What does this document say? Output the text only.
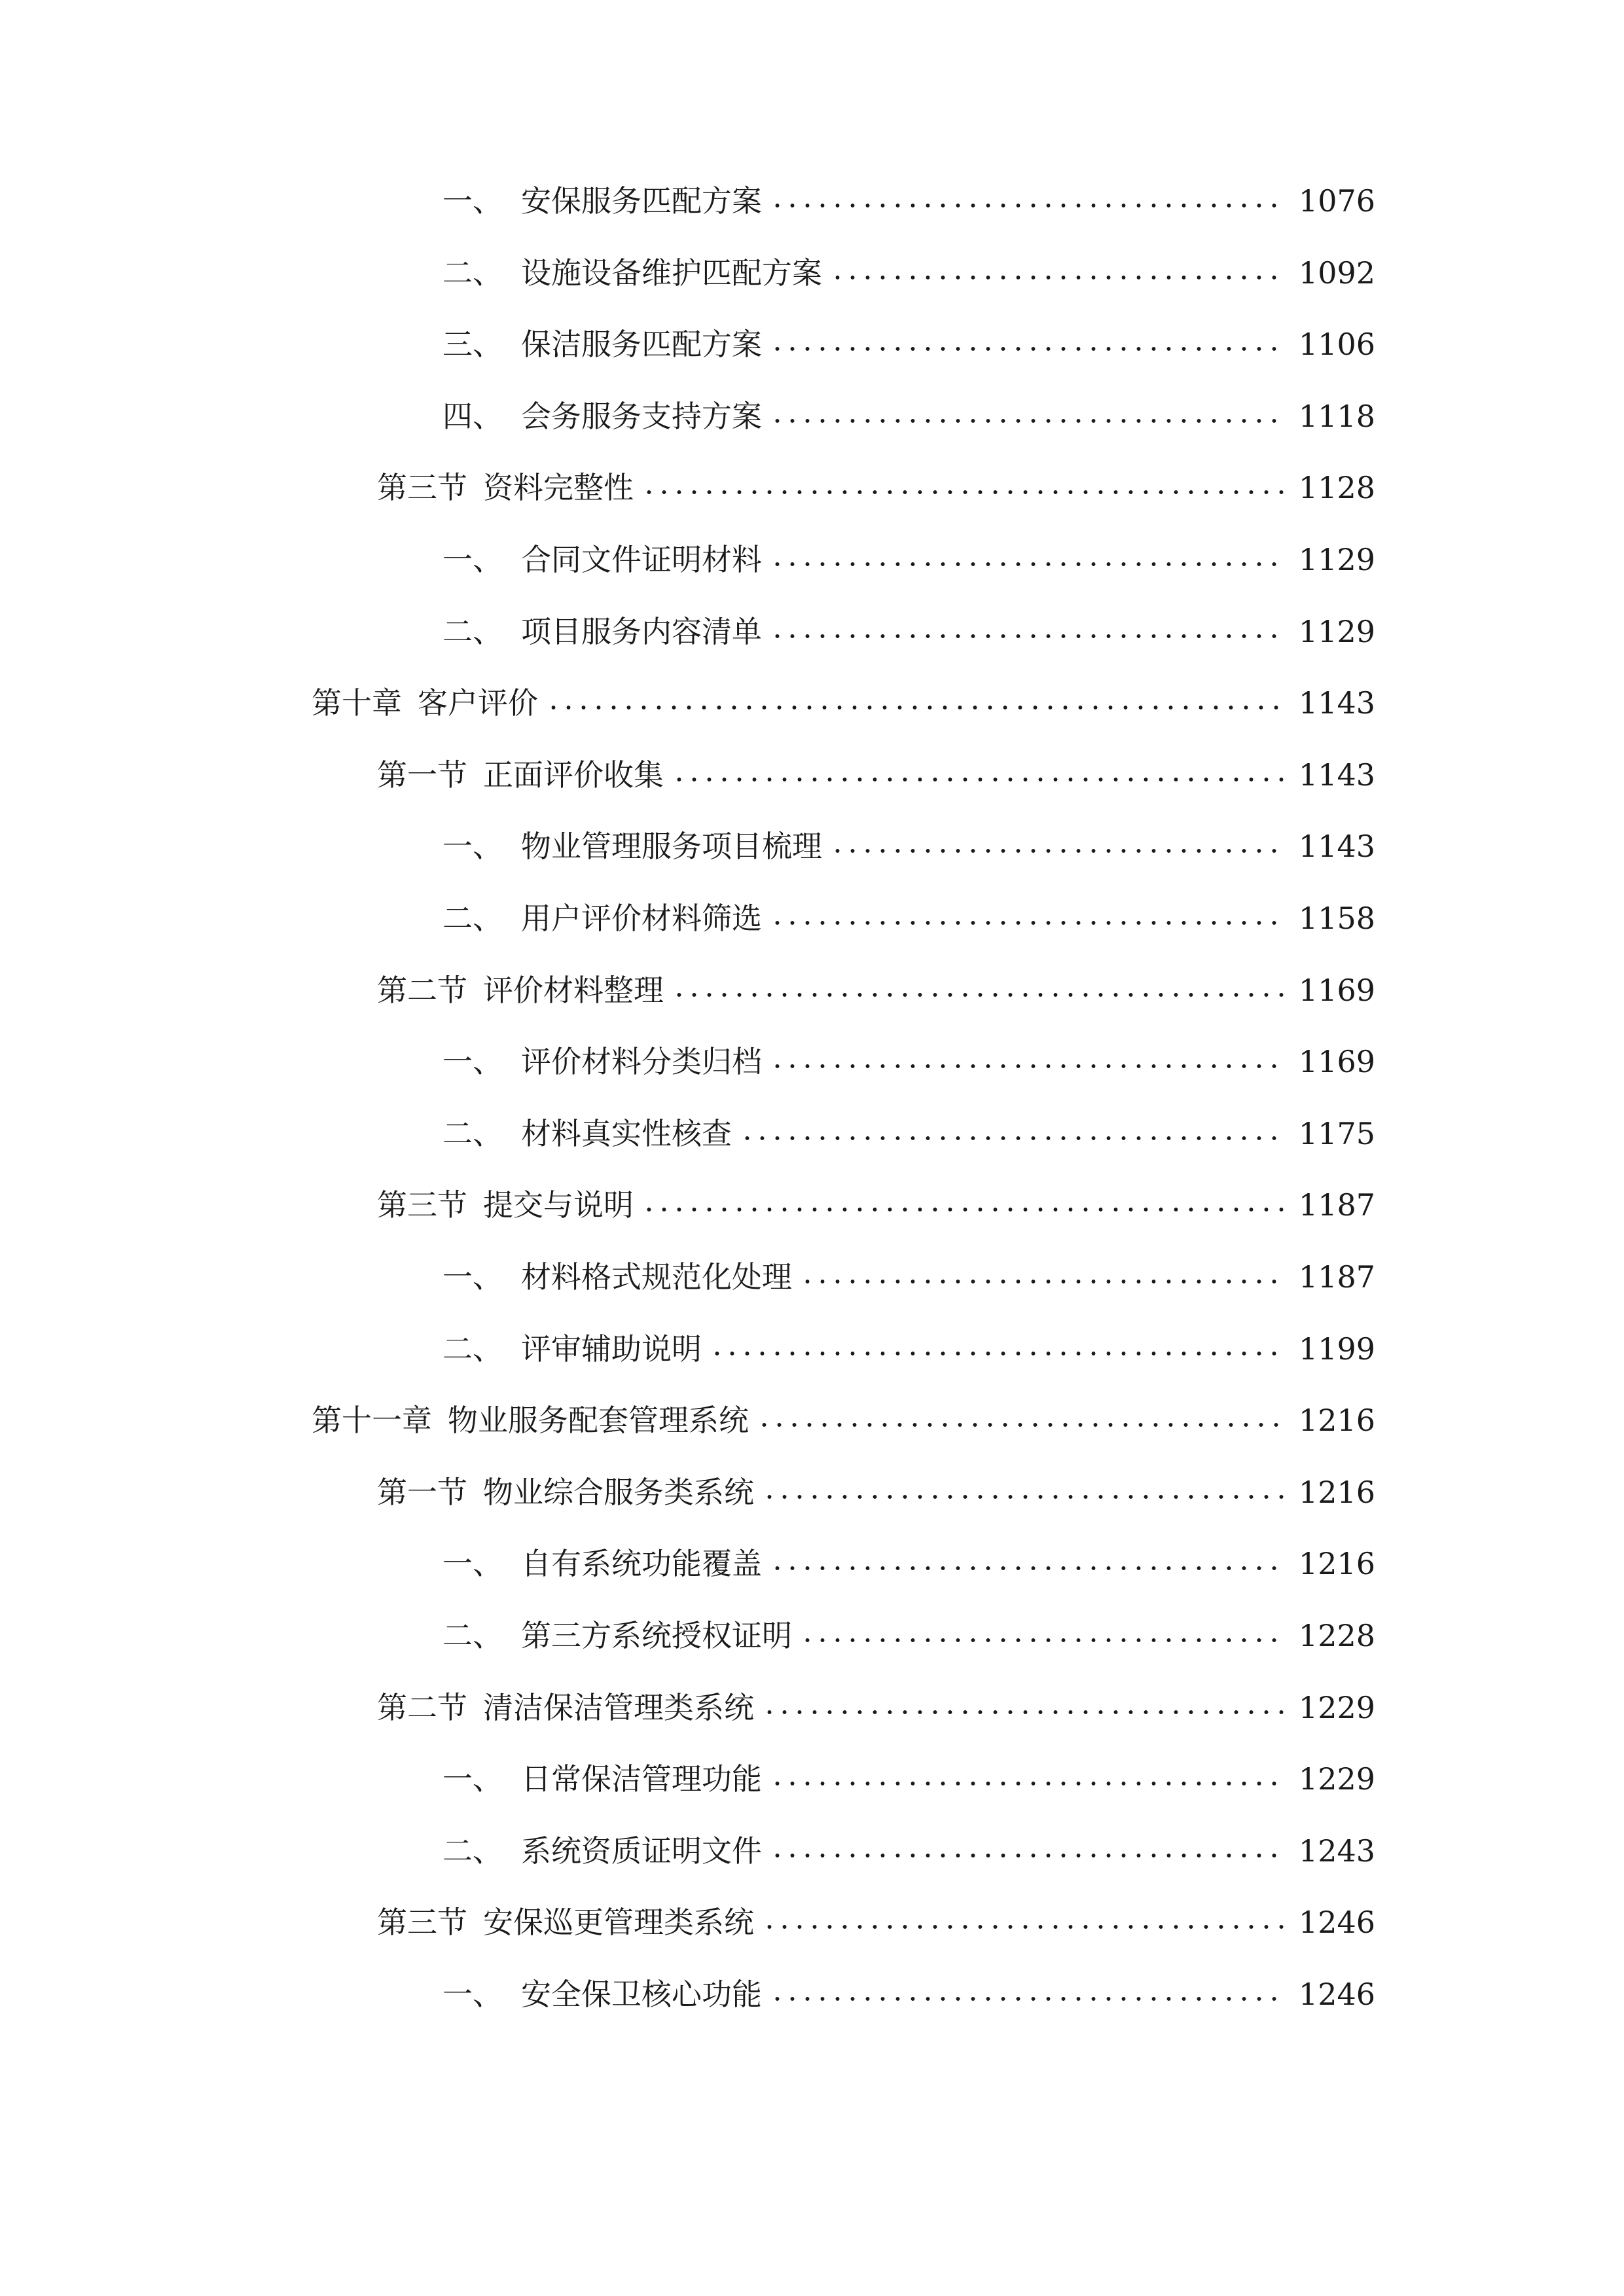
一、 安保服务匹配方案	1076
二、 设施设备维护匹配方案	1092
三、 保洁服务匹配方案	1106
四、 会务服务支持方案	1118
第三节 资料完整性	1128
一、 合同文件证明材料	1129
二、 项目服务内容清单	1129
第十章 客户评价	1143
第一节 正面评价收集	1143
一、 物业管理服务项目梳理	1143
二、 用户评价材料筛选	1158
第二节 评价材料整理	1169
一、 评价材料分类归档	1169
二、 材料真实性核查	1175
第三节 提交与说明	1187
一、 材料格式规范化处理	1187
二、 评审辅助说明	1199
第十一章 物业服务配套管理系统	1216
第一节 物业综合服务类系统	1216
一、 自有系统功能覆盖	1216
二、 第三方系统授权证明	1228
第二节 清洁保洁管理类系统	1229
一、 日常保洁管理功能	1229
二、 系统资质证明文件	1243
第三节 安保巡更管理类系统	1246
一、 安全保卫核心功能	1246
